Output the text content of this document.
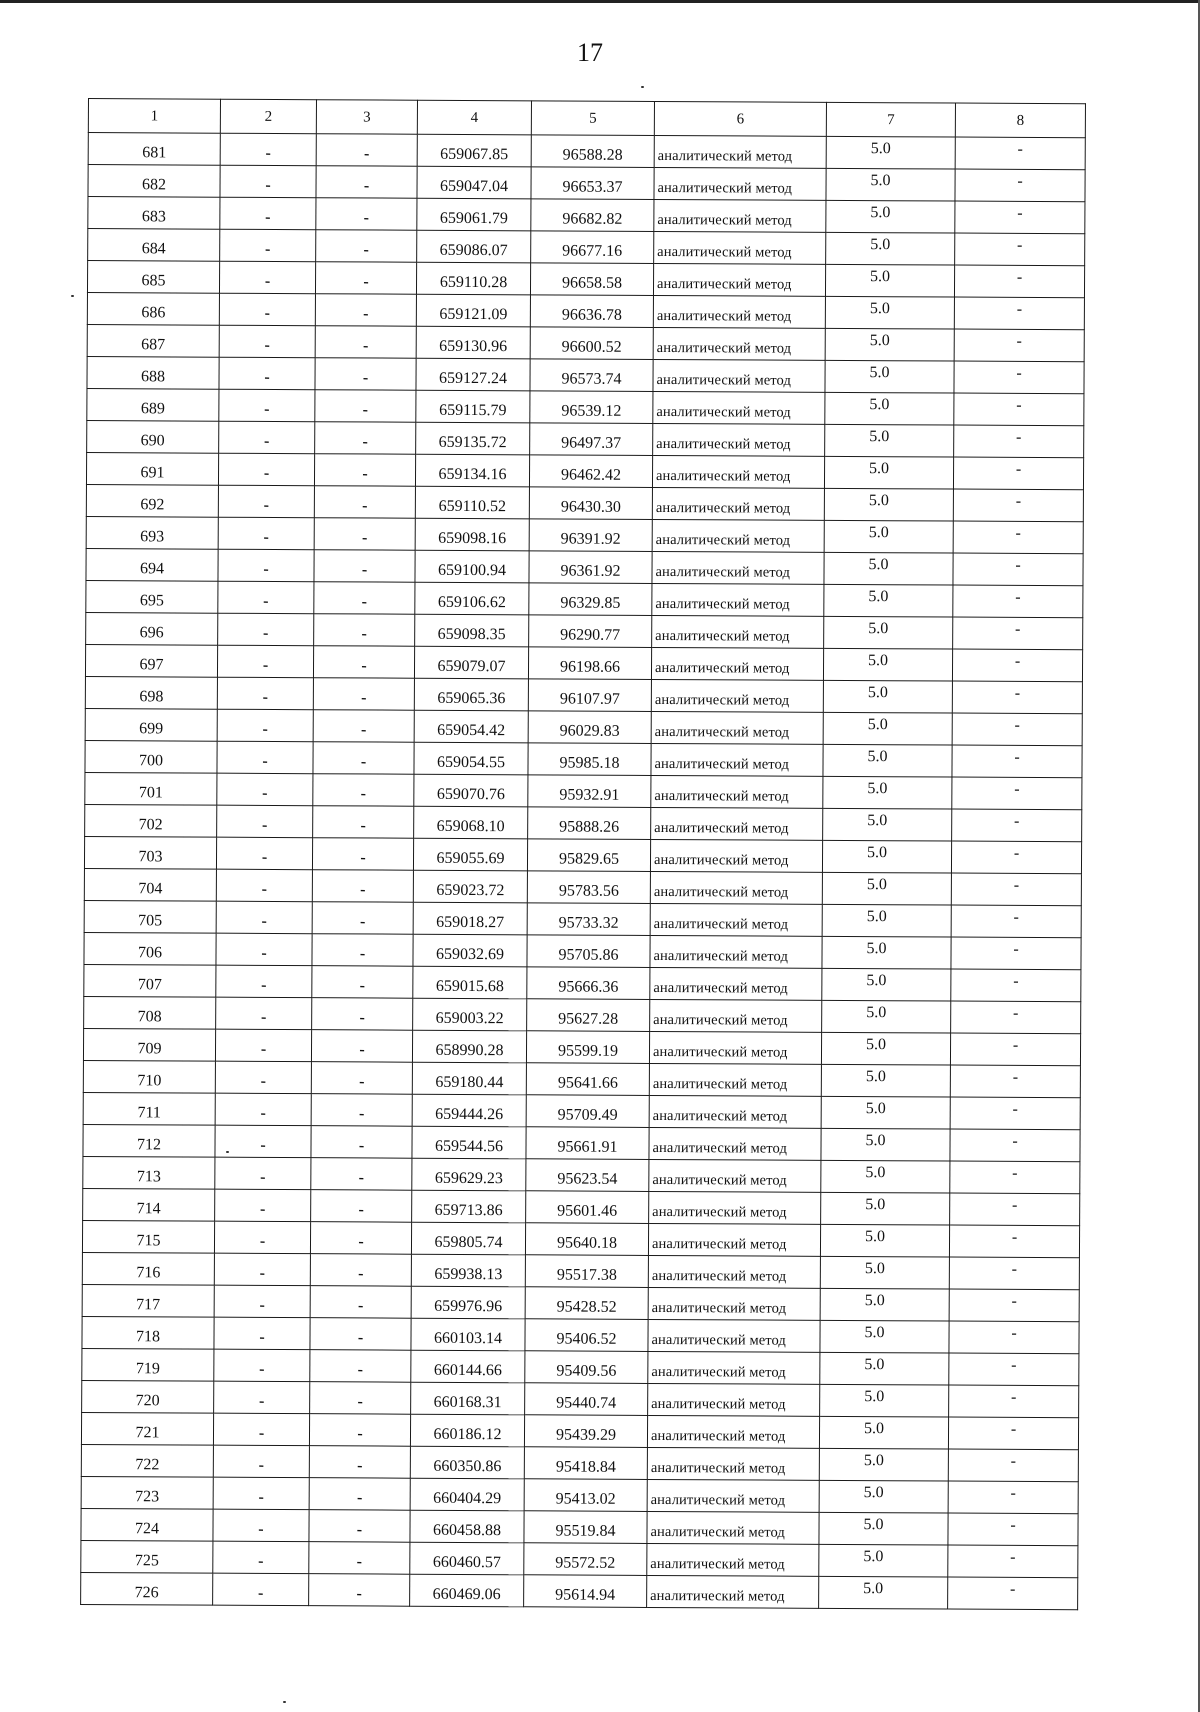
17
1	2	3	4	5	6	7	8
681	-	-	659067.85	96588.28	аналитический метод	5.0	-
682	-	-	659047.04	96653.37	аналитический метод	5.0	-
683	-	-	659061.79	96682.82	аналитический метод	5.0	-
684	-	-	659086.07	96677.16	аналитический метод	5.0	-
685	-	-	659110.28	96658.58	аналитический метод	5.0	-
686	-	-	659121.09	96636.78	аналитический метод	5.0	-
687	-	-	659130.96	96600.52	аналитический метод	5.0	-
688	-	-	659127.24	96573.74	аналитический метод	5.0	-
689	-	-	659115.79	96539.12	аналитический метод	5.0	-
690	-	-	659135.72	96497.37	аналитический метод	5.0	-
691	-	-	659134.16	96462.42	аналитический метод	5.0	-
692	-	-	659110.52	96430.30	аналитический метод	5.0	-
693	-	-	659098.16	96391.92	аналитический метод	5.0	-
694	-	-	659100.94	96361.92	аналитический метод	5.0	-
695	-	-	659106.62	96329.85	аналитический метод	5.0	-
696	-	-	659098.35	96290.77	аналитический метод	5.0	-
697	-	-	659079.07	96198.66	аналитический метод	5.0	-
698	-	-	659065.36	96107.97	аналитический метод	5.0	-
699	-	-	659054.42	96029.83	аналитический метод	5.0	-
700	-	-	659054.55	95985.18	аналитический метод	5.0	-
701	-	-	659070.76	95932.91	аналитический метод	5.0	-
702	-	-	659068.10	95888.26	аналитический метод	5.0	-
703	-	-	659055.69	95829.65	аналитический метод	5.0	-
704	-	-	659023.72	95783.56	аналитический метод	5.0	-
705	-	-	659018.27	95733.32	аналитический метод	5.0	-
706	-	-	659032.69	95705.86	аналитический метод	5.0	-
707	-	-	659015.68	95666.36	аналитический метод	5.0	-
708	-	-	659003.22	95627.28	аналитический метод	5.0	-
709	-	-	658990.28	95599.19	аналитический метод	5.0	-
710	-	-	659180.44	95641.66	аналитический метод	5.0	-
711	-	-	659444.26	95709.49	аналитический метод	5.0	-
712	-	-	659544.56	95661.91	аналитический метод	5.0	-
713	-	-	659629.23	95623.54	аналитический метод	5.0	-
714	-	-	659713.86	95601.46	аналитический метод	5.0	-
715	-	-	659805.74	95640.18	аналитический метод	5.0	-
716	-	-	659938.13	95517.38	аналитический метод	5.0	-
717	-	-	659976.96	95428.52	аналитический метод	5.0	-
718	-	-	660103.14	95406.52	аналитический метод	5.0	-
719	-	-	660144.66	95409.56	аналитический метод	5.0	-
720	-	-	660168.31	95440.74	аналитический метод	5.0	-
721	-	-	660186.12	95439.29	аналитический метод	5.0	-
722	-	-	660350.86	95418.84	аналитический метод	5.0	-
723	-	-	660404.29	95413.02	аналитический метод	5.0	-
724	-	-	660458.88	95519.84	аналитический метод	5.0	-
725	-	-	660460.57	95572.52	аналитический метод	5.0	-
726	-	-	660469.06	95614.94	аналитический метод	5.0	-
